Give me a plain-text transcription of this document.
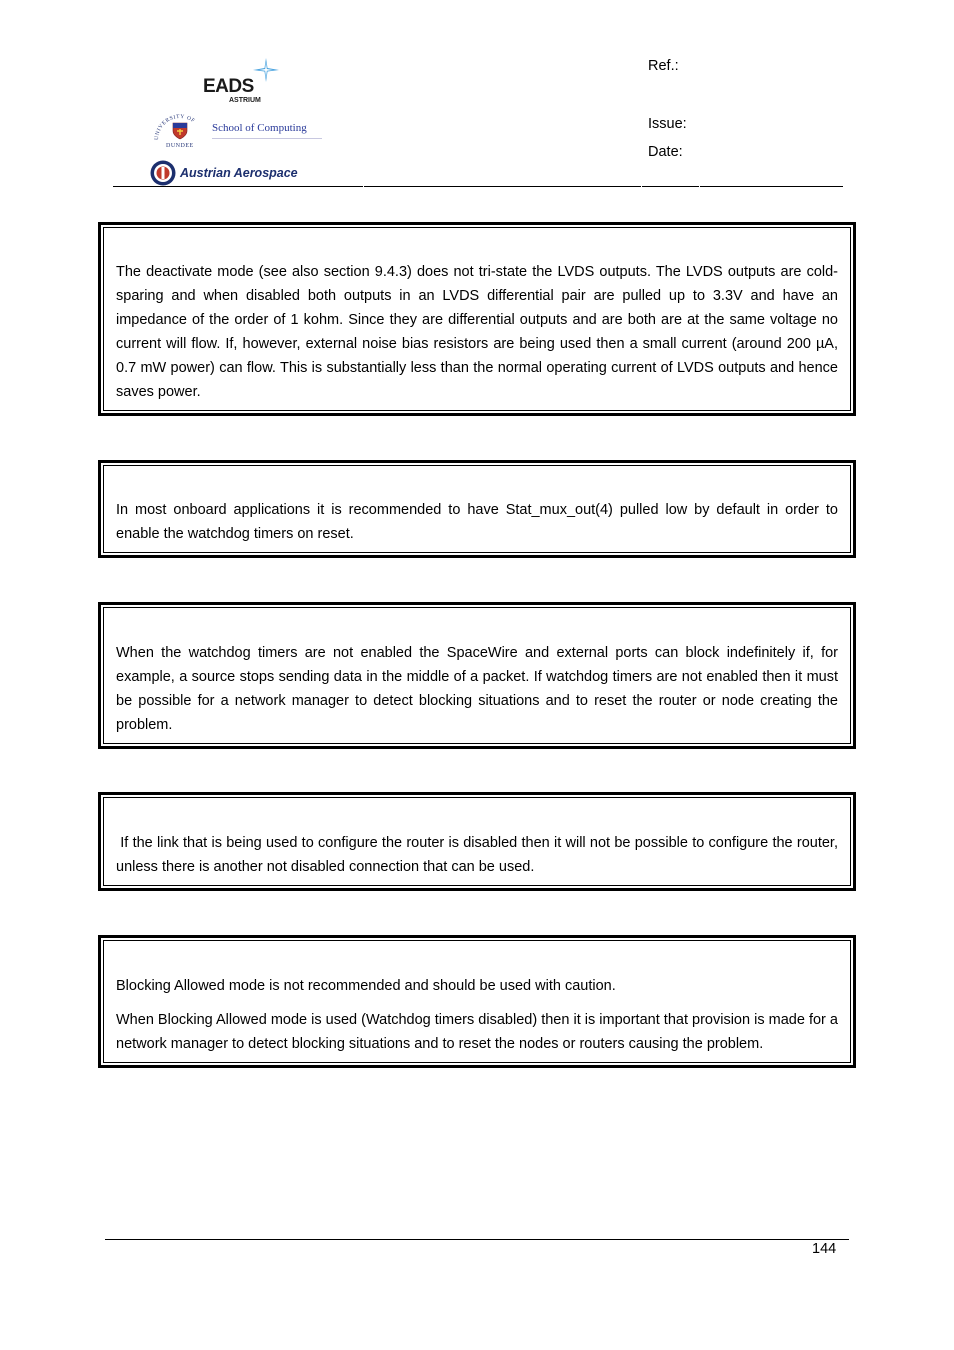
EADS
ASTRIUM
UNIVERSITY OF
DUNDEE
School of Computing
Austrian Aerospace
Ref.:
Issue:
Date:

The deactivate mode (see also section 9.4.3) does not tri-state the LVDS outputs. The LVDS outputs are cold-sparing and when disabled both outputs in an LVDS differential pair are pulled up to 3.3V and have an impedance of the order of 1 kohm. Since they are differential outputs and are both are at the same voltage no current will flow. If, however, external noise bias resistors are being used then a small current (around 200 µA, 0.7 mW power) can flow. This is substantially less than the normal operating current of LVDS outputs and hence saves power.

In most onboard applications it is recommended to have Stat_mux_out(4) pulled low by default in order to enable the watchdog timers on reset.

When the watchdog timers are not enabled the SpaceWire and external ports can block indefinitely if, for example, a source stops sending data in the middle of a packet. If watchdog timers are not enabled then it must be possible for a network manager to detect blocking situations and to reset the router or node creating the problem.

If the link that is being used to configure the router is disabled then it will not be possible to configure the router, unless there is another not disabled connection that can be used.

Blocking Allowed mode is not recommended and should be used with caution.

When Blocking Allowed mode is used (Watchdog timers disabled) then it is important that provision is made for a network manager to detect blocking situations and to reset the nodes or routers causing the problem.

144
